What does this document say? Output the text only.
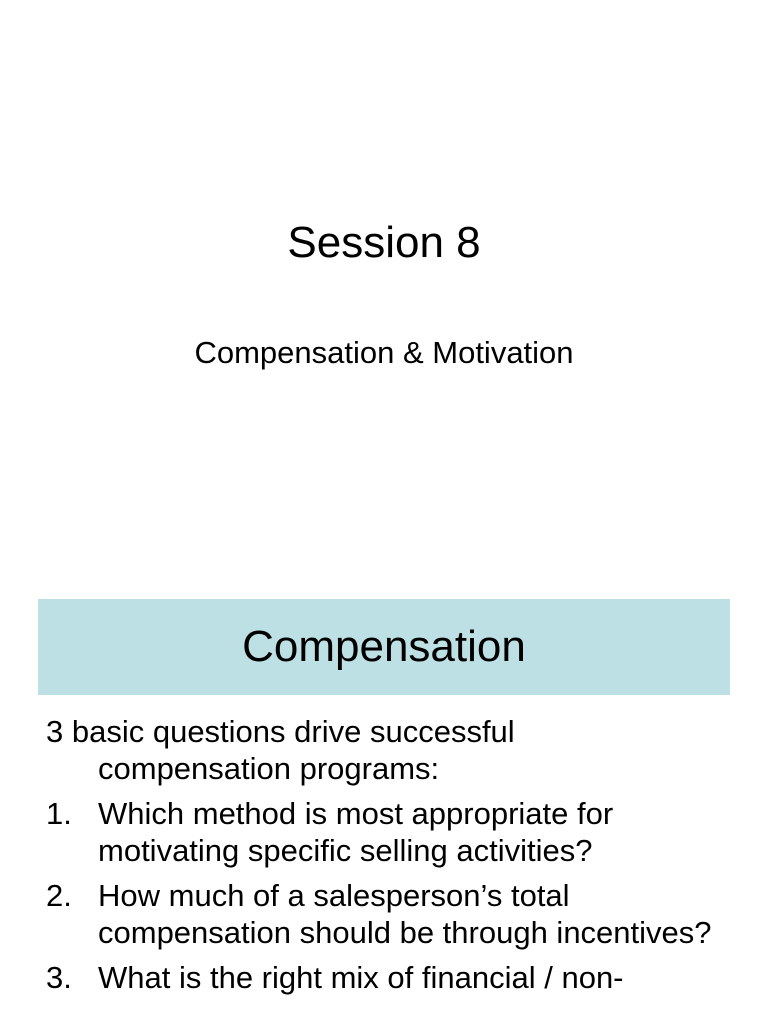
Session 8

Compensation & Motivation

Compensation

3 basic questions drive successful
compensation programs:

1. Which method is most appropriate for motivating specific selling activities?
2. How much of a salesperson’s total compensation should be through incentives?
3. What is the right mix of financial / non-
